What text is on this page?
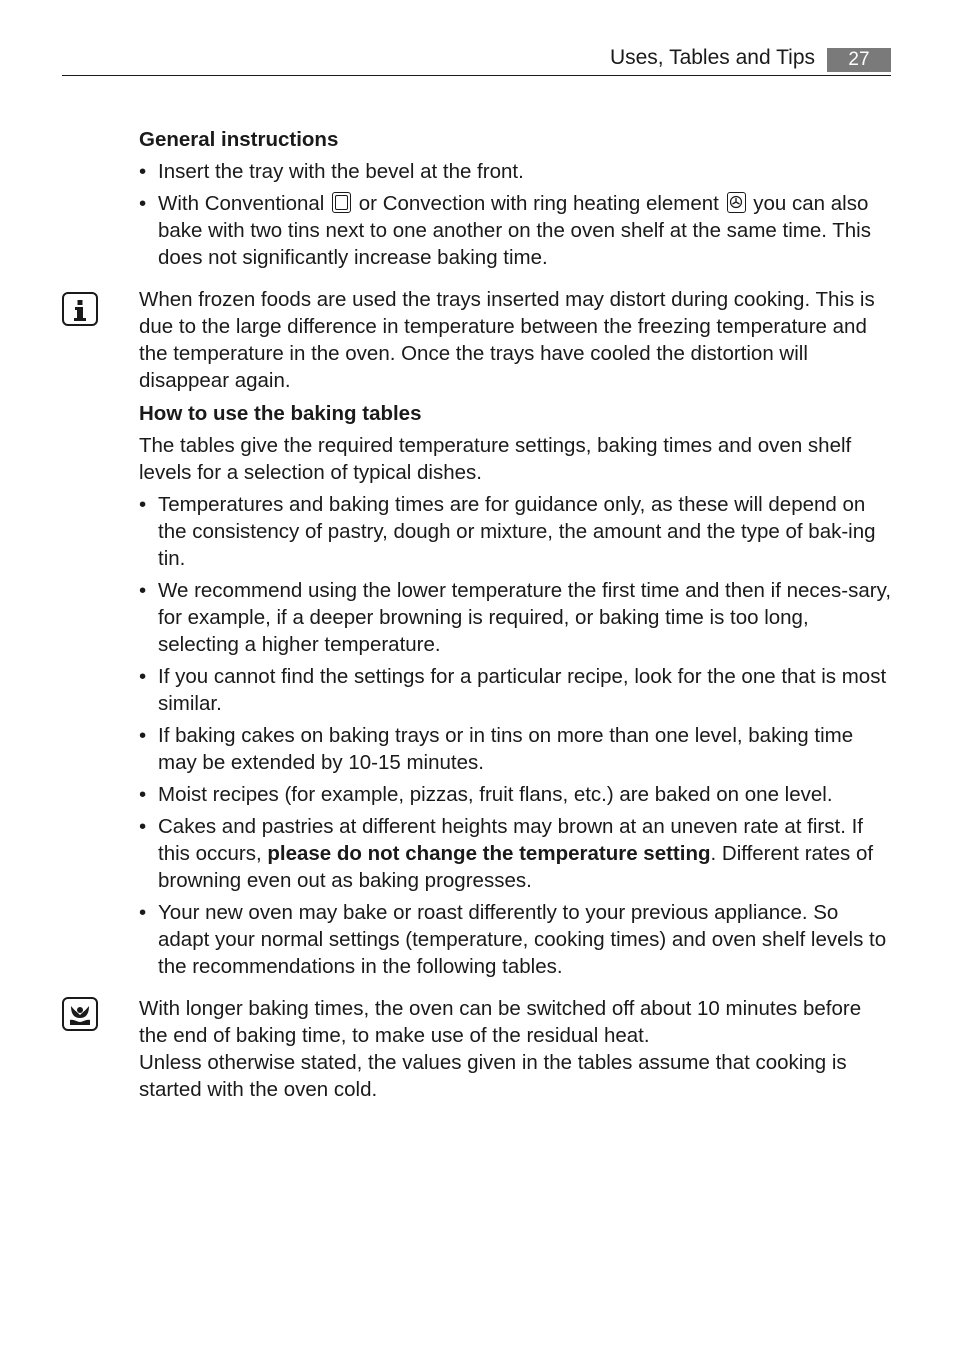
Uses, Tables and Tips	27
General instructions

• Insert the tray with the bevel at the front.

• With Conventional or Convection with ring heating element you can also bake with two tins next to one another on the oven shelf at the same time. This does not significantly increase baking time.

When frozen foods are used the trays inserted may distort during cooking. This is due to the large difference in temperature between the freezing temperature and the temperature in the oven. Once the trays have cooled the distortion will disappear again.

How to use the baking tables

The tables give the required temperature settings, baking times and oven shelf levels for a selection of typical dishes.

• Temperatures and baking times are for guidance only, as these will depend on the consistency of pastry, dough or mixture, the amount and the type of bak-ing tin.

• We recommend using the lower temperature the first time and then if neces-sary, for example, if a deeper browning is required, or baking time is too long, selecting a higher temperature.

• If you cannot find the settings for a particular recipe, look for the one that is most similar.

• If baking cakes on baking trays or in tins on more than one level, baking time may be extended by 10-15 minutes.

• Moist recipes (for example, pizzas, fruit flans, etc.) are baked on one level.

• Cakes and pastries at different heights may brown at an uneven rate at first. If this occurs, please do not change the temperature setting. Different rates of browning even out as baking progresses.

• Your new oven may bake or roast differently to your previous appliance. So adapt your normal settings (temperature, cooking times) and oven shelf levels to the recommendations in the following tables.

With longer baking times, the oven can be switched off about 10 minutes before the end of baking time, to make use of the residual heat.

Unless otherwise stated, the values given in the tables assume that cooking is started with the oven cold.
